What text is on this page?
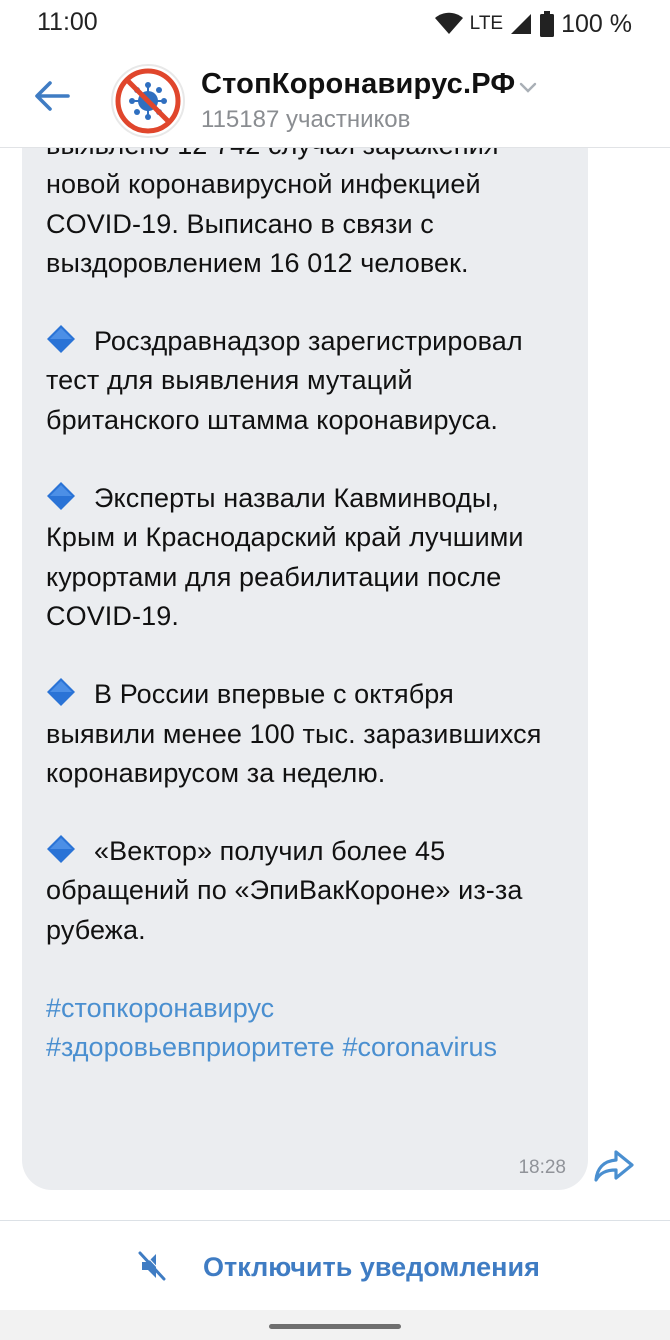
новой коронавирусной инфекцией COVID-19. Выписано в связи с выздоровлением 16 012 человек.

Росздравнадзор зарегистрировал тест для выявления мутаций британского штамма коронавируса.

Эксперты назвали Кавминводы, Крым и Краснодарский край лучшими курортами для реабилитации после COVID-19.

В России впервые с октября выявили менее 100 тыс. заразившихся коронавирусом за неделю.

«Вектор» получил более 45 обращений по «ЭпиВакКороне» из-за рубежа.

#стопкоронавирус
#здоровьевприоритете #coronavirus
18:28
11:00	LTE 100 %
СтопКоронавирус.РФ
115187 участников
Отключить уведомления
